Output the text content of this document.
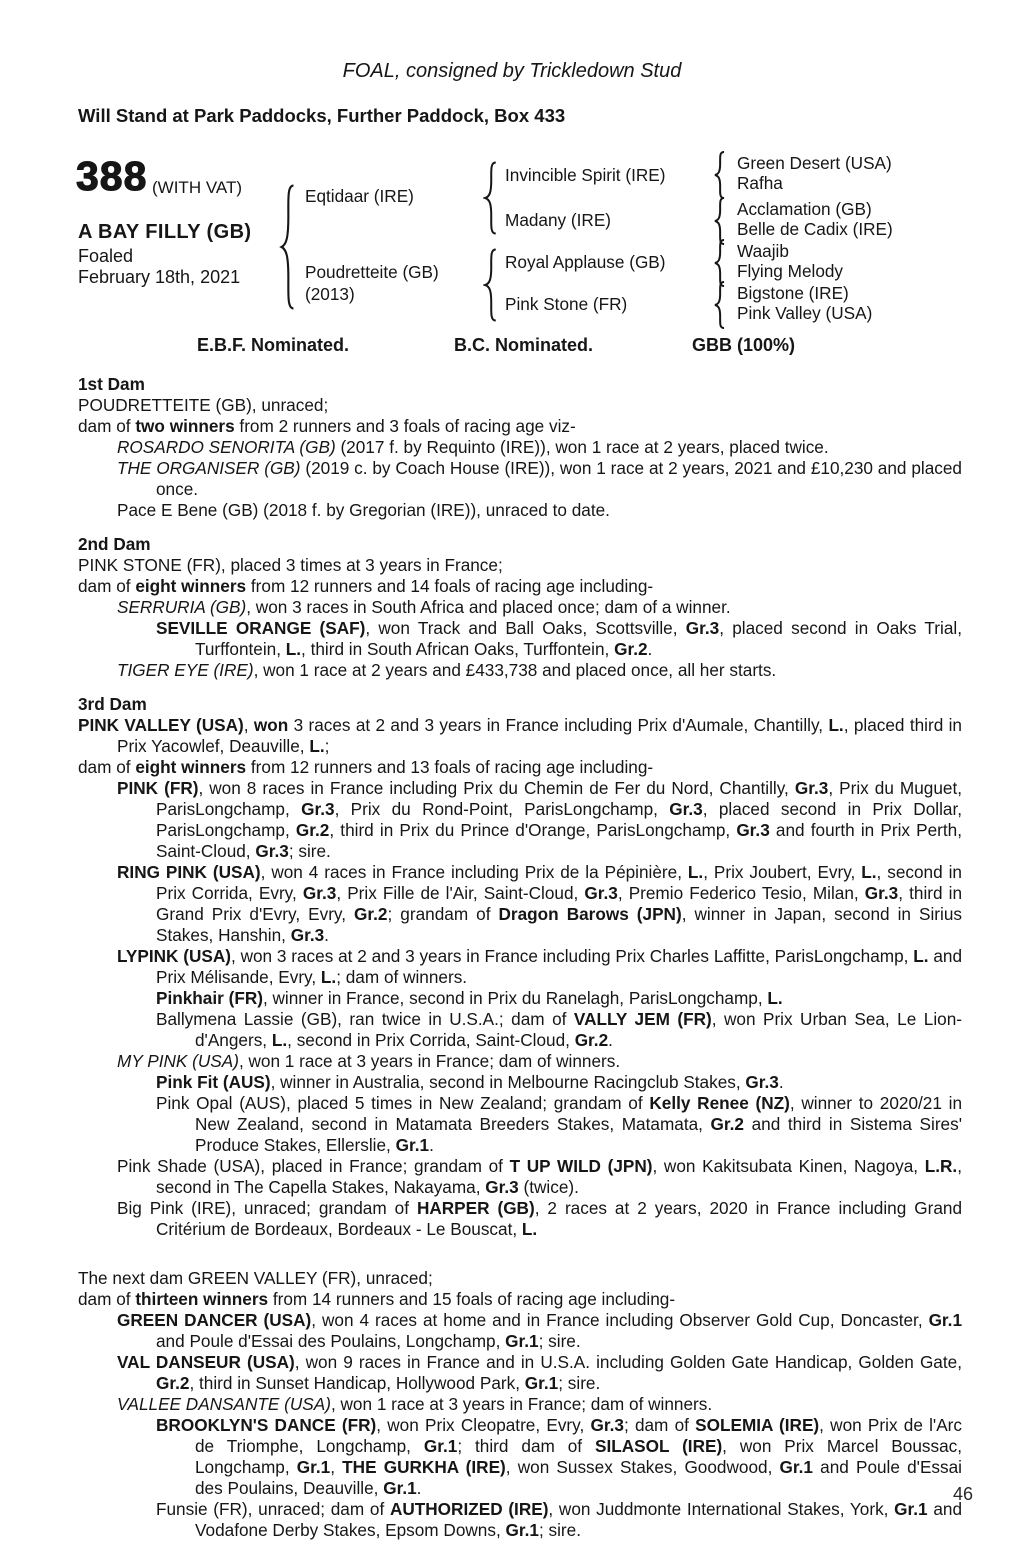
FOAL, consigned by Trickledown Stud
Will Stand at Park Paddocks, Further Paddock, Box 433
388 (WITH VAT)
A BAY FILLY (GB)
Foaled
February 18th, 2021
Eqtidaar (IRE)
Poudretteite (GB)
(2013)
Invincible Spirit (IRE)
Madany (IRE)
Royal Applause (GB)
Pink Stone (FR)
Green Desert (USA)
Rafha
Acclamation (GB)
Belle de Cadix (IRE)
Waajib
Flying Melody
Bigstone (IRE)
Pink Valley (USA)
E.B.F. Nominated.	B.C. Nominated.	GBB (100%)
1st Dam

POUDRETTEITE (GB), unraced;

dam of two winners from 2 runners and 3 foals of racing age viz-

ROSARDO SENORITA (GB) (2017 f. by Requinto (IRE)), won 1 race at 2 years, placed twice.

THE ORGANISER (GB) (2019 c. by Coach House (IRE)), won 1 race at 2 years, 2021 and £10,230 and placed once.

Pace E Bene (GB) (2018 f. by Gregorian (IRE)), unraced to date.

2nd Dam

PINK STONE (FR), placed 3 times at 3 years in France;

dam of eight winners from 12 runners and 14 foals of racing age including-

SERRURIA (GB), won 3 races in South Africa and placed once; dam of a winner.

SEVILLE ORANGE (SAF), won Track and Ball Oaks, Scottsville, Gr.3, placed second in Oaks Trial, Turffontein, L., third in South African Oaks, Turffontein, Gr.2.

TIGER EYE (IRE), won 1 race at 2 years and £433,738 and placed once, all her starts.

3rd Dam

PINK VALLEY (USA), won 3 races at 2 and 3 years in France including Prix d'Aumale, Chantilly, L., placed third in Prix Yacowlef, Deauville, L.;

dam of eight winners from 12 runners and 13 foals of racing age including-

PINK (FR), won 8 races in France including Prix du Chemin de Fer du Nord, Chantilly, Gr.3, Prix du Muguet, ParisLongchamp, Gr.3, Prix du Rond-Point, ParisLongchamp, Gr.3, placed second in Prix Dollar, ParisLongchamp, Gr.2, third in Prix du Prince d'Orange, ParisLongchamp, Gr.3 and fourth in Prix Perth, Saint-Cloud, Gr.3; sire.

RING PINK (USA), won 4 races in France including Prix de la Pépinière, L., Prix Joubert, Evry, L., second in Prix Corrida, Evry, Gr.3, Prix Fille de l'Air, Saint-Cloud, Gr.3, Premio Federico Tesio, Milan, Gr.3, third in Grand Prix d'Evry, Evry, Gr.2; grandam of Dragon Barows (JPN), winner in Japan, second in Sirius Stakes, Hanshin, Gr.3.

LYPINK (USA), won 3 races at 2 and 3 years in France including Prix Charles Laffitte, ParisLongchamp, L. and Prix Mélisande, Evry, L.; dam of winners.

Pinkhair (FR), winner in France, second in Prix du Ranelagh, ParisLongchamp, L.

Ballymena Lassie (GB), ran twice in U.S.A.; dam of VALLY JEM (FR), won Prix Urban Sea, Le Lion-d'Angers, L., second in Prix Corrida, Saint-Cloud, Gr.2.

MY PINK (USA), won 1 race at 3 years in France; dam of winners.

Pink Fit (AUS), winner in Australia, second in Melbourne Racingclub Stakes, Gr.3.

Pink Opal (AUS), placed 5 times in New Zealand; grandam of Kelly Renee (NZ), winner to 2020/21 in New Zealand, second in Matamata Breeders Stakes, Matamata, Gr.2 and third in Sistema Sires' Produce Stakes, Ellerslie, Gr.1.

Pink Shade (USA), placed in France; grandam of T UP WILD (JPN), won Kakitsubata Kinen, Nagoya, L.R., second in The Capella Stakes, Nakayama, Gr.3 (twice).

Big Pink (IRE), unraced; grandam of HARPER (GB), 2 races at 2 years, 2020 in France including Grand Critérium de Bordeaux, Bordeaux - Le Bouscat, L.

The next dam GREEN VALLEY (FR), unraced;

dam of thirteen winners from 14 runners and 15 foals of racing age including-

GREEN DANCER (USA), won 4 races at home and in France including Observer Gold Cup, Doncaster, Gr.1 and Poule d'Essai des Poulains, Longchamp, Gr.1; sire.

VAL DANSEUR (USA), won 9 races in France and in U.S.A. including Golden Gate Handicap, Golden Gate, Gr.2, third in Sunset Handicap, Hollywood Park, Gr.1; sire.

VALLEE DANSANTE (USA), won 1 race at 3 years in France; dam of winners.

BROOKLYN'S DANCE (FR), won Prix Cleopatre, Evry, Gr.3; dam of SOLEMIA (IRE), won Prix de l'Arc de Triomphe, Longchamp, Gr.1; third dam of SILASOL (IRE), won Prix Marcel Boussac, Longchamp, Gr.1, THE GURKHA (IRE), won Sussex Stakes, Goodwood, Gr.1 and Poule d'Essai des Poulains, Deauville, Gr.1.

Funsie (FR), unraced; dam of AUTHORIZED (IRE), won Juddmonte International Stakes, York, Gr.1 and Vodafone Derby Stakes, Epsom Downs, Gr.1; sire.

46
